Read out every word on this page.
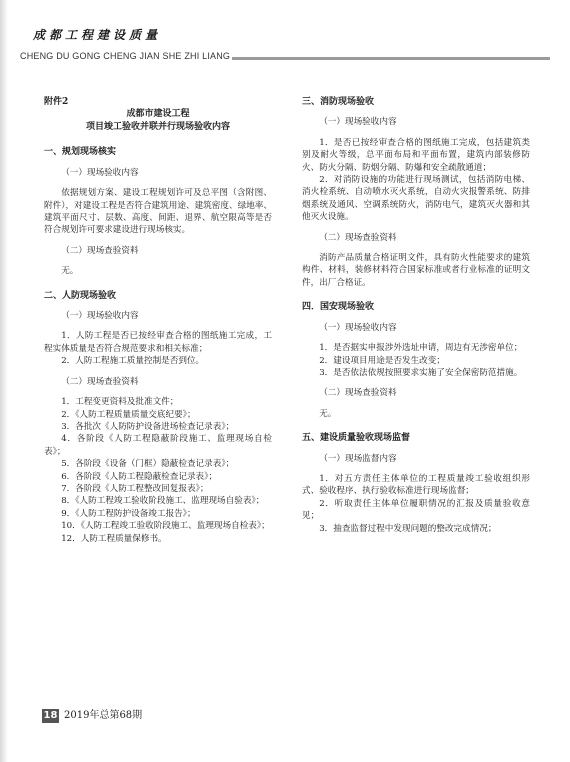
成都工程建设质量
CHENG DU GONG CHENG JIAN SHE ZHI LIANG

附件2

成都市建设工程

项目竣工验收并联并行现场验收内容

一、规划现场核实

（一）现场验收内容

依据规划方案、建设工程规划许可及总平图（含附图、附件），对建设工程是否符合建筑用途、建筑密度、绿地率、建筑平面尺寸、层数、高度、间距、退界、航空限高等是否符合规划许可要求建设进行现场核实。

（二）现场查验资料

无。

二、人防现场验收

（一）现场验收内容

1．人防工程是否已按经审查合格的图纸施工完成，工程实体质量是否符合规范要求和相关标准；

2．人防工程施工质量控制是否到位。

（二）现场查验资料

1．工程变更资料及批准文件；

2．《人防工程质量质量交底纪要》；

3．各批次《人防防护设备进场检查记录表》；

4．各阶段《人防工程隐蔽阶段施工、监理现场自检表》；

5．各阶段《设备（门框）隐蔽检查记录表》；

6．各阶段《人防工程隐蔽检查记录表》；

7．各阶段《人防工程整改回复报表》；

8．《人防工程竣工验收阶段施工、监理现场自验表》；

9．《人防工程防护设备竣工报告》；

10．《人防工程竣工验收阶段施工、监理现场自检表》；

12．人防工程质量保修书。

三、消防现场验收

（一）现场验收内容

1．是否已按经审查合格的图纸施工完成，包括建筑类别及耐火等级，总平面布局和平面布置，建筑内部装修防火、防火分隔、防烟分隔、防爆和安全疏散通道；

2．对消防设施的功能进行现场测试，包括消防电梯、消火栓系统、自动喷水灭火系统，自动火灾报警系统、防排烟系统及通风、空调系统防火，消防电气，建筑灭火器和其他灭火设施。

（二）现场查验资料

消防产品质量合格证明文件，具有防火性能要求的建筑构件、材料，装修材料符合国家标准或者行业标准的证明文件，出厂合格证。

四．国安现场验收

（一）现场验收内容

1．是否据实申报涉外选址申请，周边有无涉密单位；

2．建设项目用途是否发生改变；

3．是否依法依规按照要求实施了安全保密防范措施。

（二）现场查验资料

无。

五、建设质量验收现场监督

（一）现场监督内容

1．对五方责任主体单位的工程质量竣工验收组织形式、验收程序、执行验收标准进行现场监督；

2．听取责任主体单位履职情况的汇报及质量验收意见；

3．抽查监督过程中发现问题的整改完成情况；

18 2019年总第68期
